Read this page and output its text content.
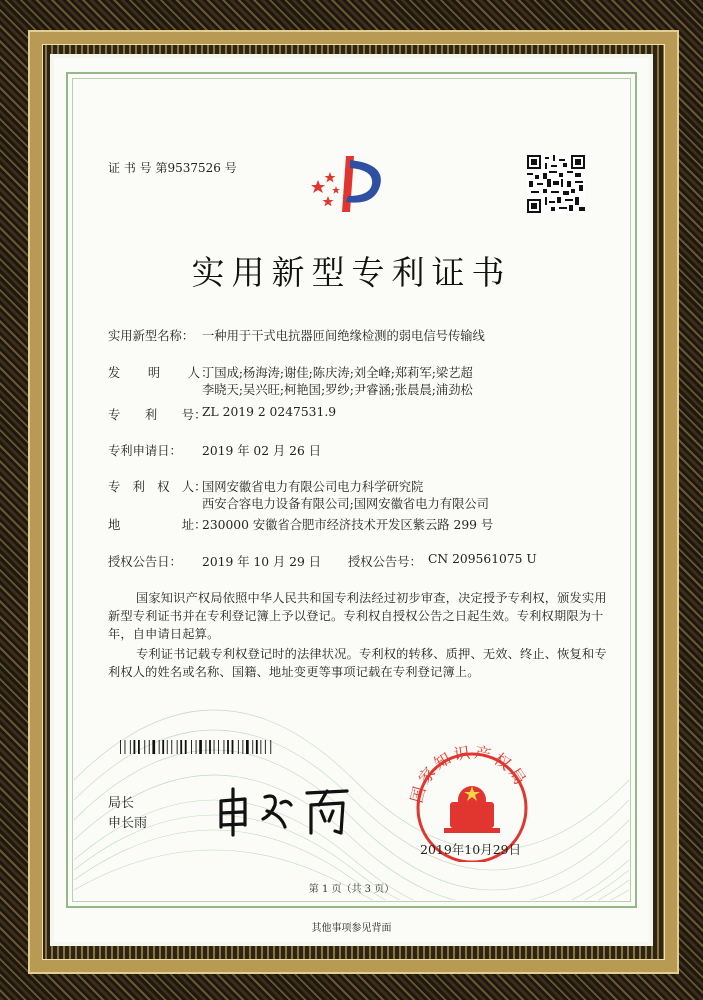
证 书 号 第9537526 号
实用新型专利证书
实用新型名称： 一种用于干式电抗器匝间绝缘检测的弱电信号传输线
发　　明　　人：
丁国成;杨海涛;谢佳;陈庆涛;刘全峰;郑莉军;梁艺超
李晓天;吴兴旺;柯艳国;罗纱;尹睿涵;张晨晨;浦劲松
专　　利　　号：
ZL 2019 2 0247531.9
专利申请日： 2019 年 02 月 26 日
专　利　权　人：
国网安徽省电力有限公司电力科学研究院
西安合容电力设备有限公司;国网安徽省电力有限公司
地　　　　　址：
230000 安徽省合肥市经济技术开发区紫云路 299 号
授权公告日： 2019 年 10 月 29 日 授权公告号： CN 209561075 U
国家知识产权局依照中华人民共和国专利法经过初步审查，决定授予专利权，颁发实用
新型专利证书并在专利登记簿上予以登记。专利权自授权公告之日起生效。专利权期限为十
年，自申请日起算。
专利证书记载专利权登记时的法律状况。专利权的转移、质押、无效、终止、恢复和专
利权人的姓名或名称、国籍、地址变更等事项记载在专利登记簿上。
局长
申长雨
国家知识产权局
2019年10月29日
第 1 页（共 3 页）
其他事项参见背面
